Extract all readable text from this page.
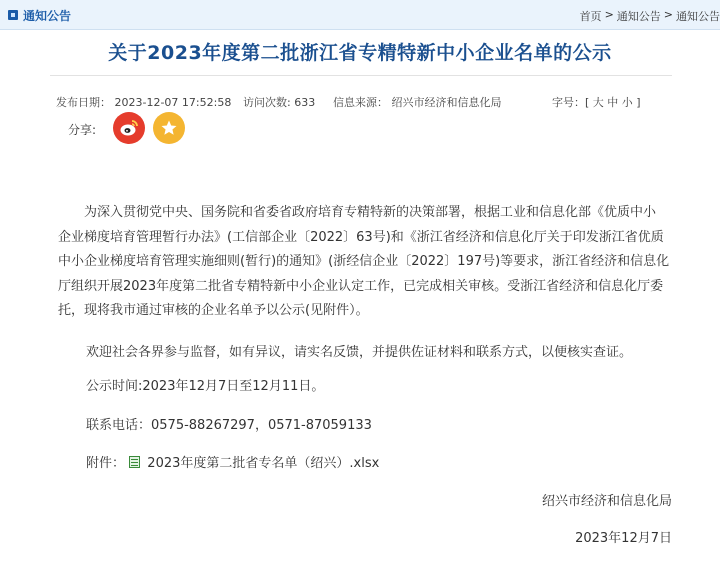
通知公告	首页 > 通知公告 > 通知公告
关于2023年度第二批浙江省专精特新中小企业名单的公示
发布日期： 2023-12-07 17:52:58 访问次数: 633 信息来源： 绍兴市经济和信息化局	字号：[ 大 中 小 ]
分享:
为深入贯彻党中央、国务院和省委省政府培育专精特新的决策部署，根据工业和信息化部《优质中小
企业梯度培育管理暂行办法》(工信部企业〔2022〕63号)和《浙江省经济和信息化厅关于印发浙江省优质
中小企业梯度培育管理实施细则(暂行)的通知》(浙经信企业〔2022〕197号)等要求，浙江省经济和信息化
厅组织开展2023年度第二批省专精特新中小企业认定工作，已完成相关审核。受浙江省经济和信息化厅委
托，现将我市通过审核的企业名单予以公示(见附件）。
欢迎社会各界参与监督，如有异议，请实名反馈，并提供佐证材料和联系方式，以便核实查证。
公示时间:2023年12月7日至12月11日。
联系电话：0575-88267297，0571-87059133
附件： 2023年度第二批省专名单（绍兴）.xlsx
绍兴市经济和信息化局
2023年12月7日
